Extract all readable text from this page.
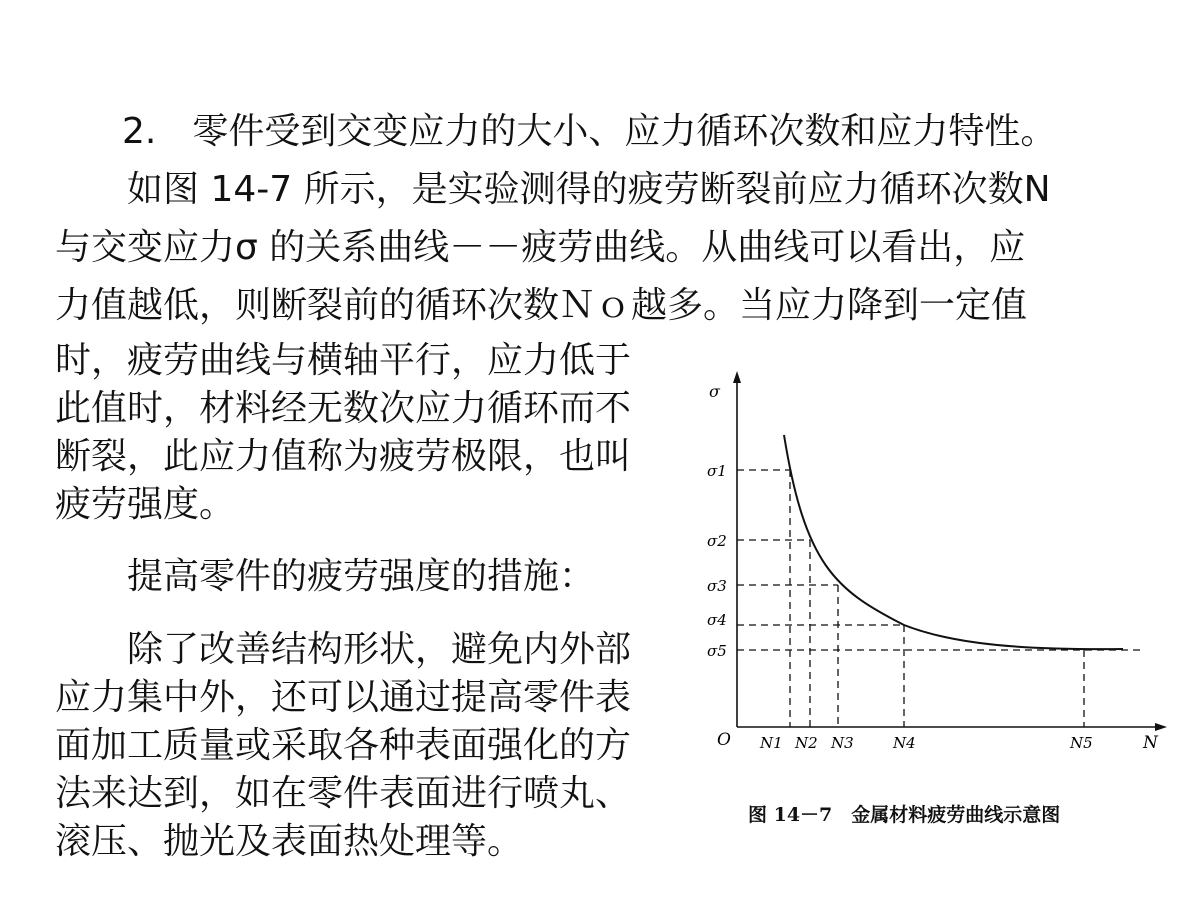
2.　零件受到交变应力的大小、应力循环次数和应力特性。
如图 14-7 所示，是实验测得的疲劳断裂前应力循环次数N
与交变应力σ 的关系曲线－－疲劳曲线。从曲线可以看出，应
力值越低，则断裂前的循环次数Ｎｏ越多。当应力降到一定值
时，疲劳曲线与横轴平行，应力低于
此值时，材料经无数次应力循环而不
断裂，此应力值称为疲劳极限，也叫
疲劳强度。
提高零件的疲劳强度的措施：
除了改善结构形状，避免内外部
应力集中外，还可以通过提高零件表
面加工质量或采取各种表面强化的方
法来达到，如在零件表面进行喷丸、
滚压、抛光及表面热处理等。
σ
σ1
σ2
σ3
σ4
σ5
O N1 N2 N3	N4	N5	N
图 14－7　金属材料疲劳曲线示意图
